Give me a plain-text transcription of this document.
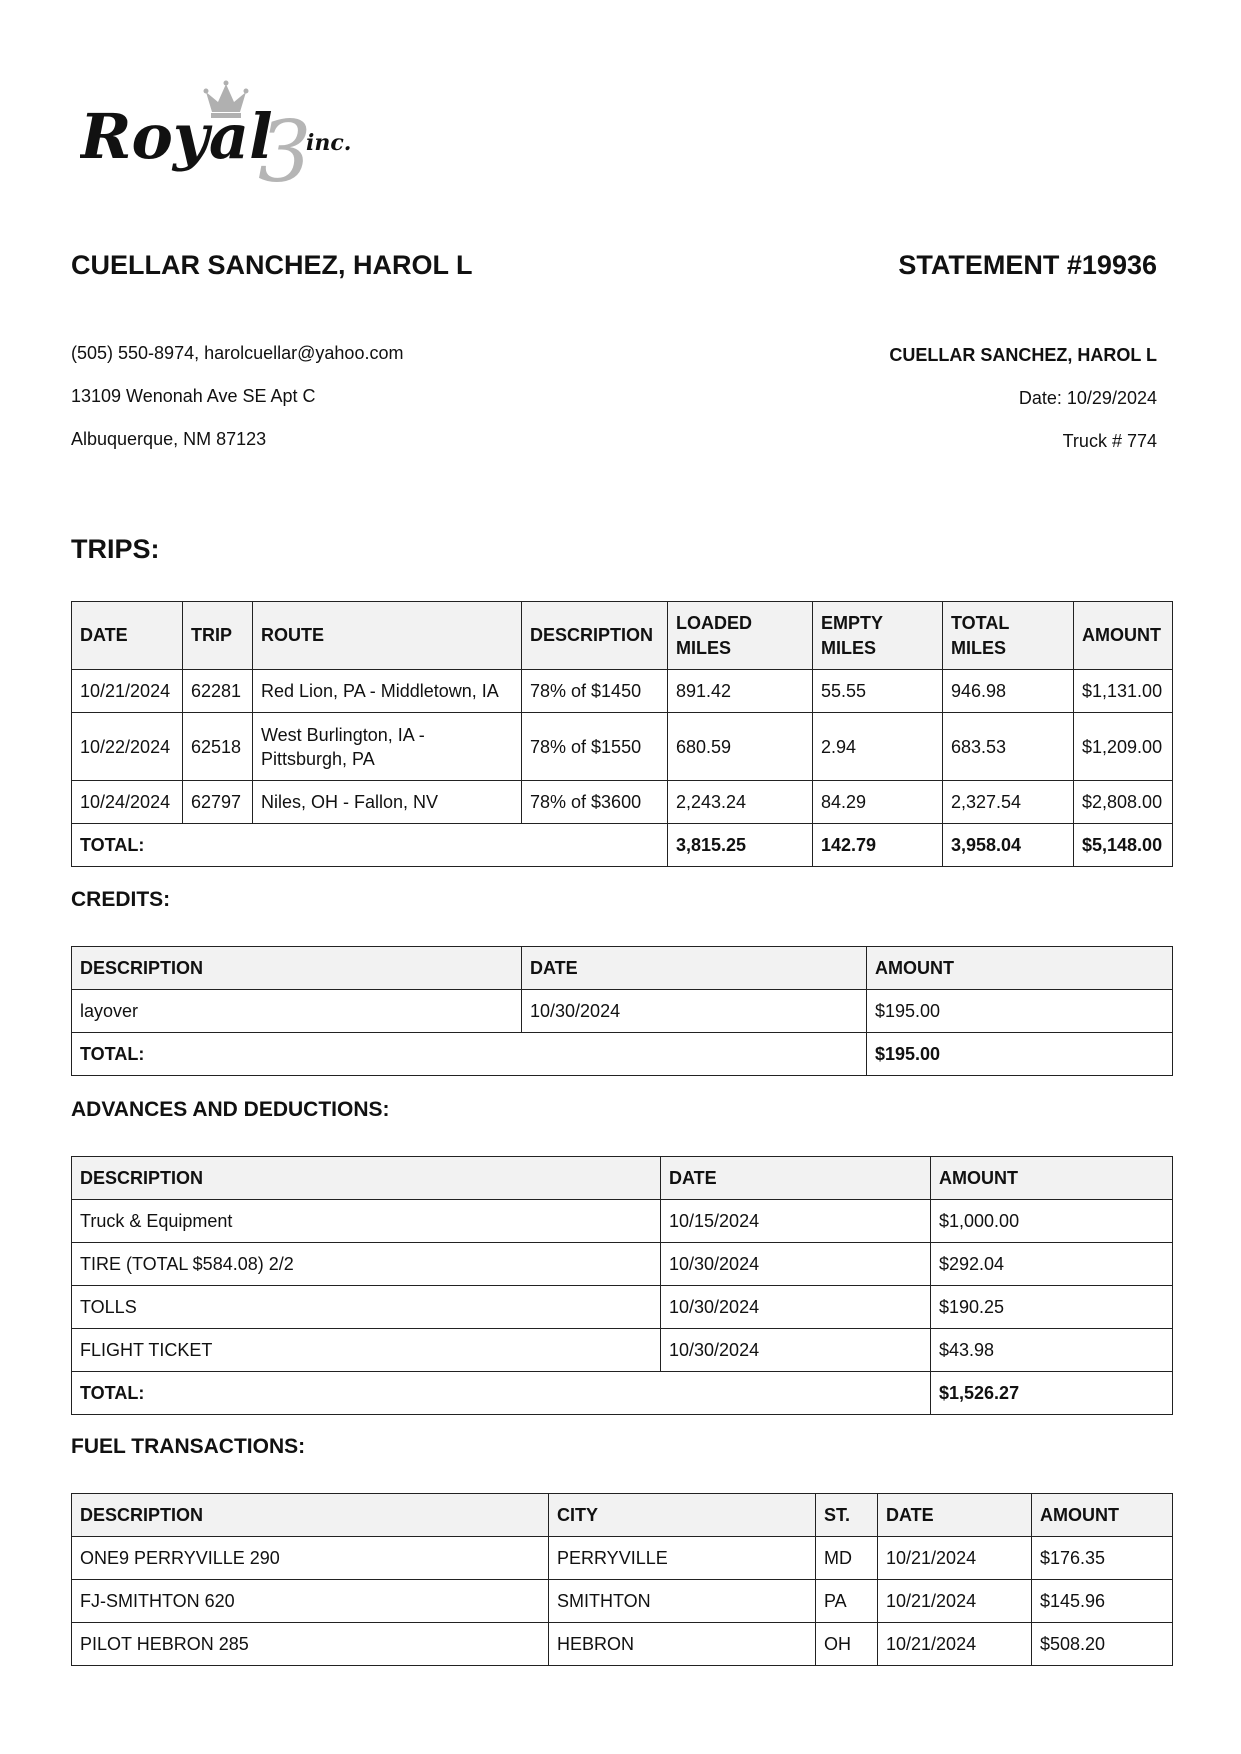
3
Royal inc.
CUELLAR SANCHEZ, HAROL L
(505) 550-8974, harolcuellar@yahoo.com
13109 Wenonah Ave SE Apt C
Albuquerque, NM 87123
STATEMENT #19936
CUELLAR SANCHEZ, HAROL L
Date: 10/29/2024
Truck # 774
TRIPS:
DATE	TRIP	ROUTE	DESCRIPTION	LOADED MILES	EMPTY MILES	TOTAL MILES	AMOUNT
10/21/2024	62281	Red Lion, PA - Middletown, IA	78% of $1450	891.42	55.55	946.98	$1,131.00
10/22/2024	62518	West Burlington, IA - Pittsburgh, PA	78% of $1550	680.59	2.94	683.53	$1,209.00
10/24/2024	62797	Niles, OH - Fallon, NV	78% of $3600	2,243.24	84.29	2,327.54	$2,808.00
TOTAL:				3,815.25	142.79	3,958.04	$5,148.00
CREDITS:
DESCRIPTION	DATE	AMOUNT
layover	10/30/2024	$195.00
TOTAL:		$195.00
ADVANCES AND DEDUCTIONS:
DESCRIPTION	DATE	AMOUNT
Truck & Equipment	10/15/2024	$1,000.00
TIRE (TOTAL $584.08) 2/2	10/30/2024	$292.04
TOLLS	10/30/2024	$190.25
FLIGHT TICKET	10/30/2024	$43.98
TOTAL:		$1,526.27
FUEL TRANSACTIONS:
DESCRIPTION	CITY	ST.	DATE	AMOUNT
ONE9 PERRYVILLE 290	PERRYVILLE	MD	10/21/2024	$176.35
FJ-SMITHTON 620	SMITHTON	PA	10/21/2024	$145.96
PILOT HEBRON 285	HEBRON	OH	10/21/2024	$508.20
